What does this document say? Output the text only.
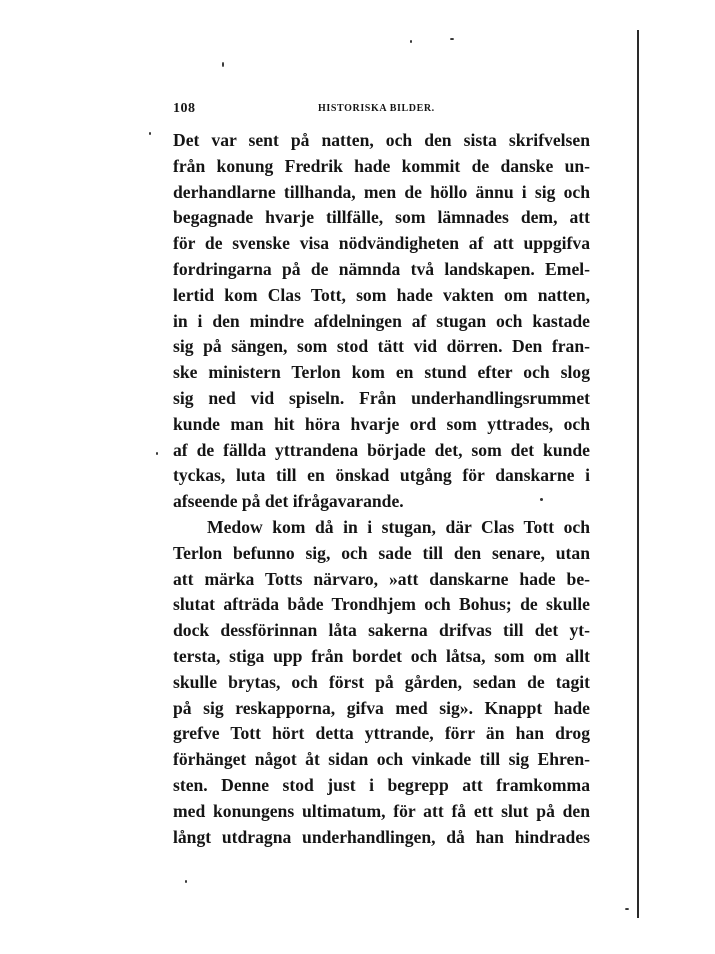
108	HISTORISKA BILDER.
Det var sent på natten, och den sista skrifvelsen
från konung Fredrik hade kommit de danske un-
derhandlarne tillhanda, men de höllo ännu i sig och
begagnade hvarje tillfälle, som lämnades dem, att
för de svenske visa nödvändigheten af att uppgifva
fordringarna på de nämnda två landskapen. Emel-
lertid kom Clas Tott, som hade vakten om natten,
in i den mindre afdelningen af stugan och kastade
sig på sängen, som stod tätt vid dörren. Den fran-
ske ministern Terlon kom en stund efter och slog
sig ned vid spiseln. Från underhandlingsrummet
kunde man hit höra hvarje ord som yttrades, och
af de fällda yttrandena började det, som det kunde
tyckas, luta till en önskad utgång för danskarne i
afseende på det ifrågavarande.
Medow kom då in i stugan, där Clas Tott och
Terlon befunno sig, och sade till den senare, utan
att märka Totts närvaro, »att danskarne hade be-
slutat afträda både Trondhjem och Bohus; de skulle
dock dessförinnan låta sakerna drifvas till det yt-
tersta, stiga upp från bordet och låtsa, som om allt
skulle brytas, och först på gården, sedan de tagit
på sig reskapporna, gifva med sig». Knappt hade
grefve Tott hört detta yttrande, förr än han drog
förhänget något åt sidan och vinkade till sig Ehren-
sten. Denne stod just i begrepp att framkomma
med konungens ultimatum, för att få ett slut på den
långt utdragna underhandlingen, då han hindrades
